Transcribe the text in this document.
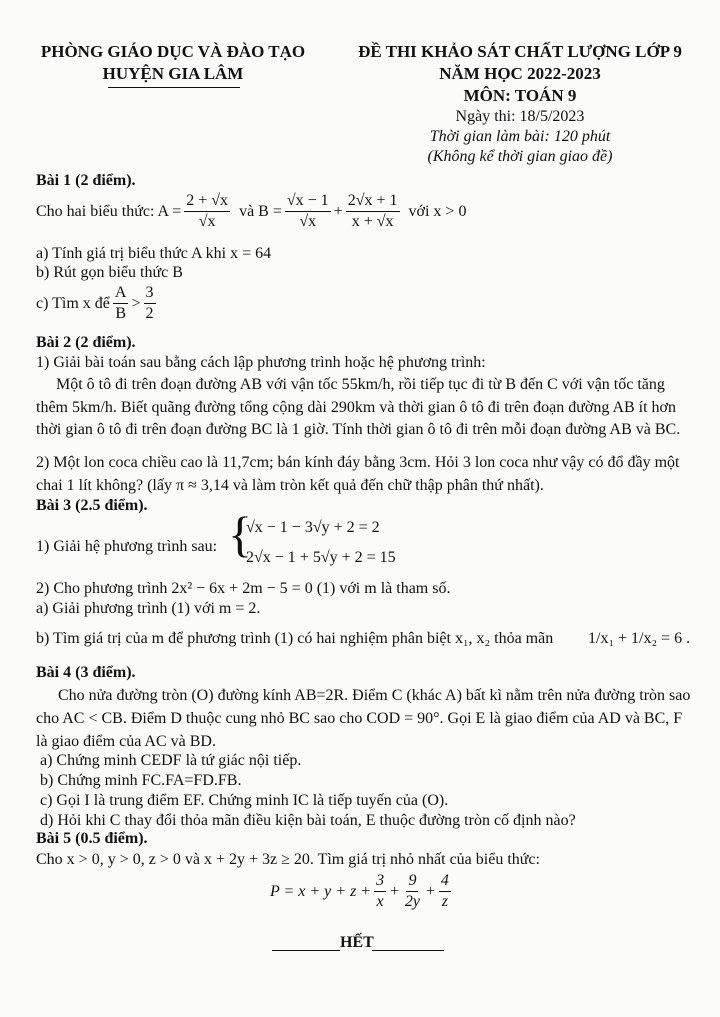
PHÒNG GIÁO DỤC VÀ ĐÀO TẠO
HUYỆN GIA LÂM
ĐỀ THI KHẢO SÁT CHẤT LƯỢNG LỚP 9
NĂM HỌC 2022-2023
MÔN: TOÁN 9
Ngày thi: 18/5/2023
Thời gian làm bài: 120 phút
(Không kể thời gian giao đề)
Bài 1 (2 điểm).
Cho hai biểu thức: $A = \frac{2 + √x}{√x}$ và $B = \frac{√x - 1}{√x} + \frac{2√x + 1}{x + √x}$ với x > 0
a) Tính giá trị biểu thức A khi x = 64
b) Rút gọn biểu thức B
c) Tìm x để $\frac{A}{B} > \frac{3}{2}$
Bài 2 (2 điểm).
1) Giải bài toán sau bằng cách lập phương trình hoặc hệ phương trình:
Một ô tô đi trên đoạn đường AB với vận tốc 55km/h, rồi tiếp tục đi từ B đến C với vận tốc tăng thêm 5km/h. Biết quãng đường tổng cộng dài 290km và thời gian ô tô đi trên đoạn đường AB ít hơn thời gian ô tô đi trên đoạn đường BC là 1 giờ. Tính thời gian ô tô đi trên mỗi đoạn đường AB và BC.
2) Một lon coca chiều cao là 11,7cm; bán kính đáy bằng 3cm. Hỏi 3 lon coca như vậy có đổ đầy một chai 1 lít không? (lấy π ≈ 3,14 và làm tròn kết quả đến chữ thập phân thứ nhất).
Bài 3 (2.5 điểm).
1) Giải hệ phương trình sau: {
√x − 1 − 3√y + 2 = 2
2√x − 1 + 5√y + 2 = 15
2) Cho phương trình 2x² − 6x + 2m − 5 = 0 (1) với m là tham số.
a) Giải phương trình (1) với m = 2.
b) Tìm giá trị của m để phương trình (1) có hai nghiệm phân biệt x₁, x₂ thỏa mãn 1/x₁ + 1/x₂ = 6 .
Bài 4 (3 điểm).
Cho nửa đường tròn (O) đường kính AB=2R. Điểm C (khác A) bất kì nằm trên nửa đường tròn sao cho AC < CB. Điểm D thuộc cung nhỏ BC sao cho COD = 90°. Gọi E là giao điểm của AD và BC, F là giao điểm của AC và BD.
a) Chứng minh CEDF là tứ giác nội tiếp.
b) Chứng minh FC.FA=FD.FB.
c) Gọi I là trung điểm EF. Chứng minh IC là tiếp tuyến của (O).
d) Hỏi khi C thay đổi thỏa mãn điều kiện bài toán, E thuộc đường tròn cố định nào?
Bài 5 (0.5 điểm).
Cho x > 0, y > 0, z > 0 và x + 2y + 3z ≥ 20. Tìm giá trị nhỏ nhất của biểu thức:
$P = x + y + z + \frac{3}{x} + \frac{9}{2y} + \frac{4}{z}$
HẾT
